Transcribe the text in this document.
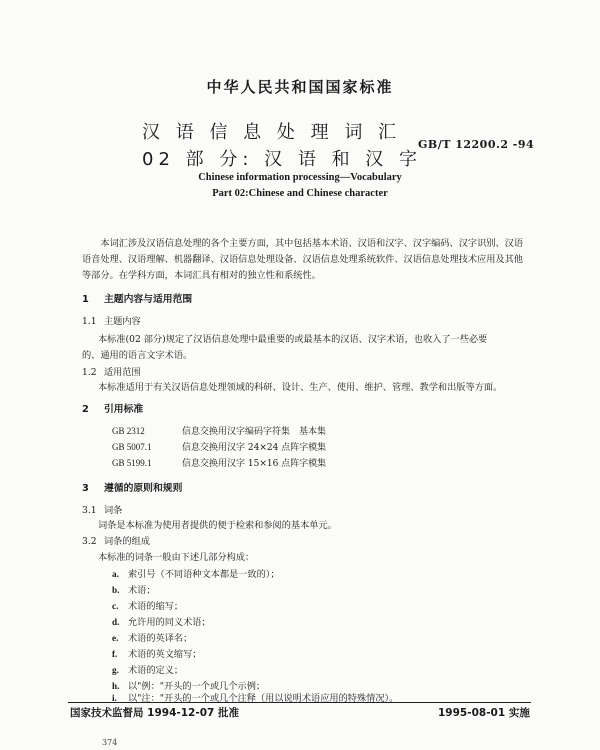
中华人民共和国国家标准
汉 语 信 息 处 理 词 汇
02 部 分: 汉 语 和 汉 字
GB/T 12200.2 -94
Chinese information processing—Vocabulary
Part 02:Chinese and Chinese character
本词汇涉及汉语信息处理的各个主要方面，其中包括基本术语、汉语和汉字、汉字编码、汉字识别、汉语语音处理、汉语理解、机器翻译、汉语信息处理设备、汉语信息处理系统软件、汉语信息处理技术应用及其他等部分。在学科方面，本词汇具有相对的独立性和系统性。
1 主题内容与适用范围
1.1 主题内容
本标准(02 部分)规定了汉语信息处理中最重要的或最基本的汉语、汉字术语，也收入了一些必要
的、通用的语言文字术语。
1.2 适用范围
本标准适用于有关汉语信息处理领域的科研、设计、生产、使用、维护、管理、教学和出版等方面。
2 引用标准
GB 2312	信息交换用汉字编码字符集　基本集
GB 5007.1	信息交换用汉字 24×24 点阵字模集
GB 5199.1	信息交换用汉字 15×16 点阵字模集
3 遵循的原则和规则
3.1 词条
词条是本标准为使用者提供的便于检索和参阅的基本单元。
3.2 词条的组成
本标准的词条一般由下述几部分构成：
a. 索引号（不同语种文本都是一致的）；
b. 术语；
c. 术语的缩写；
d. 允许用的同义术语；
e. 术语的英译名；
f. 术语的英文缩写；
g. 术语的定义；
h. 以"例："开头的一个或几个示例；
i. 以"注："开头的一个或几个注释（用以说明术语应用的特殊情况）。
国家技术监督局 1994-12-07 批准	1995-08-01 实施
374
